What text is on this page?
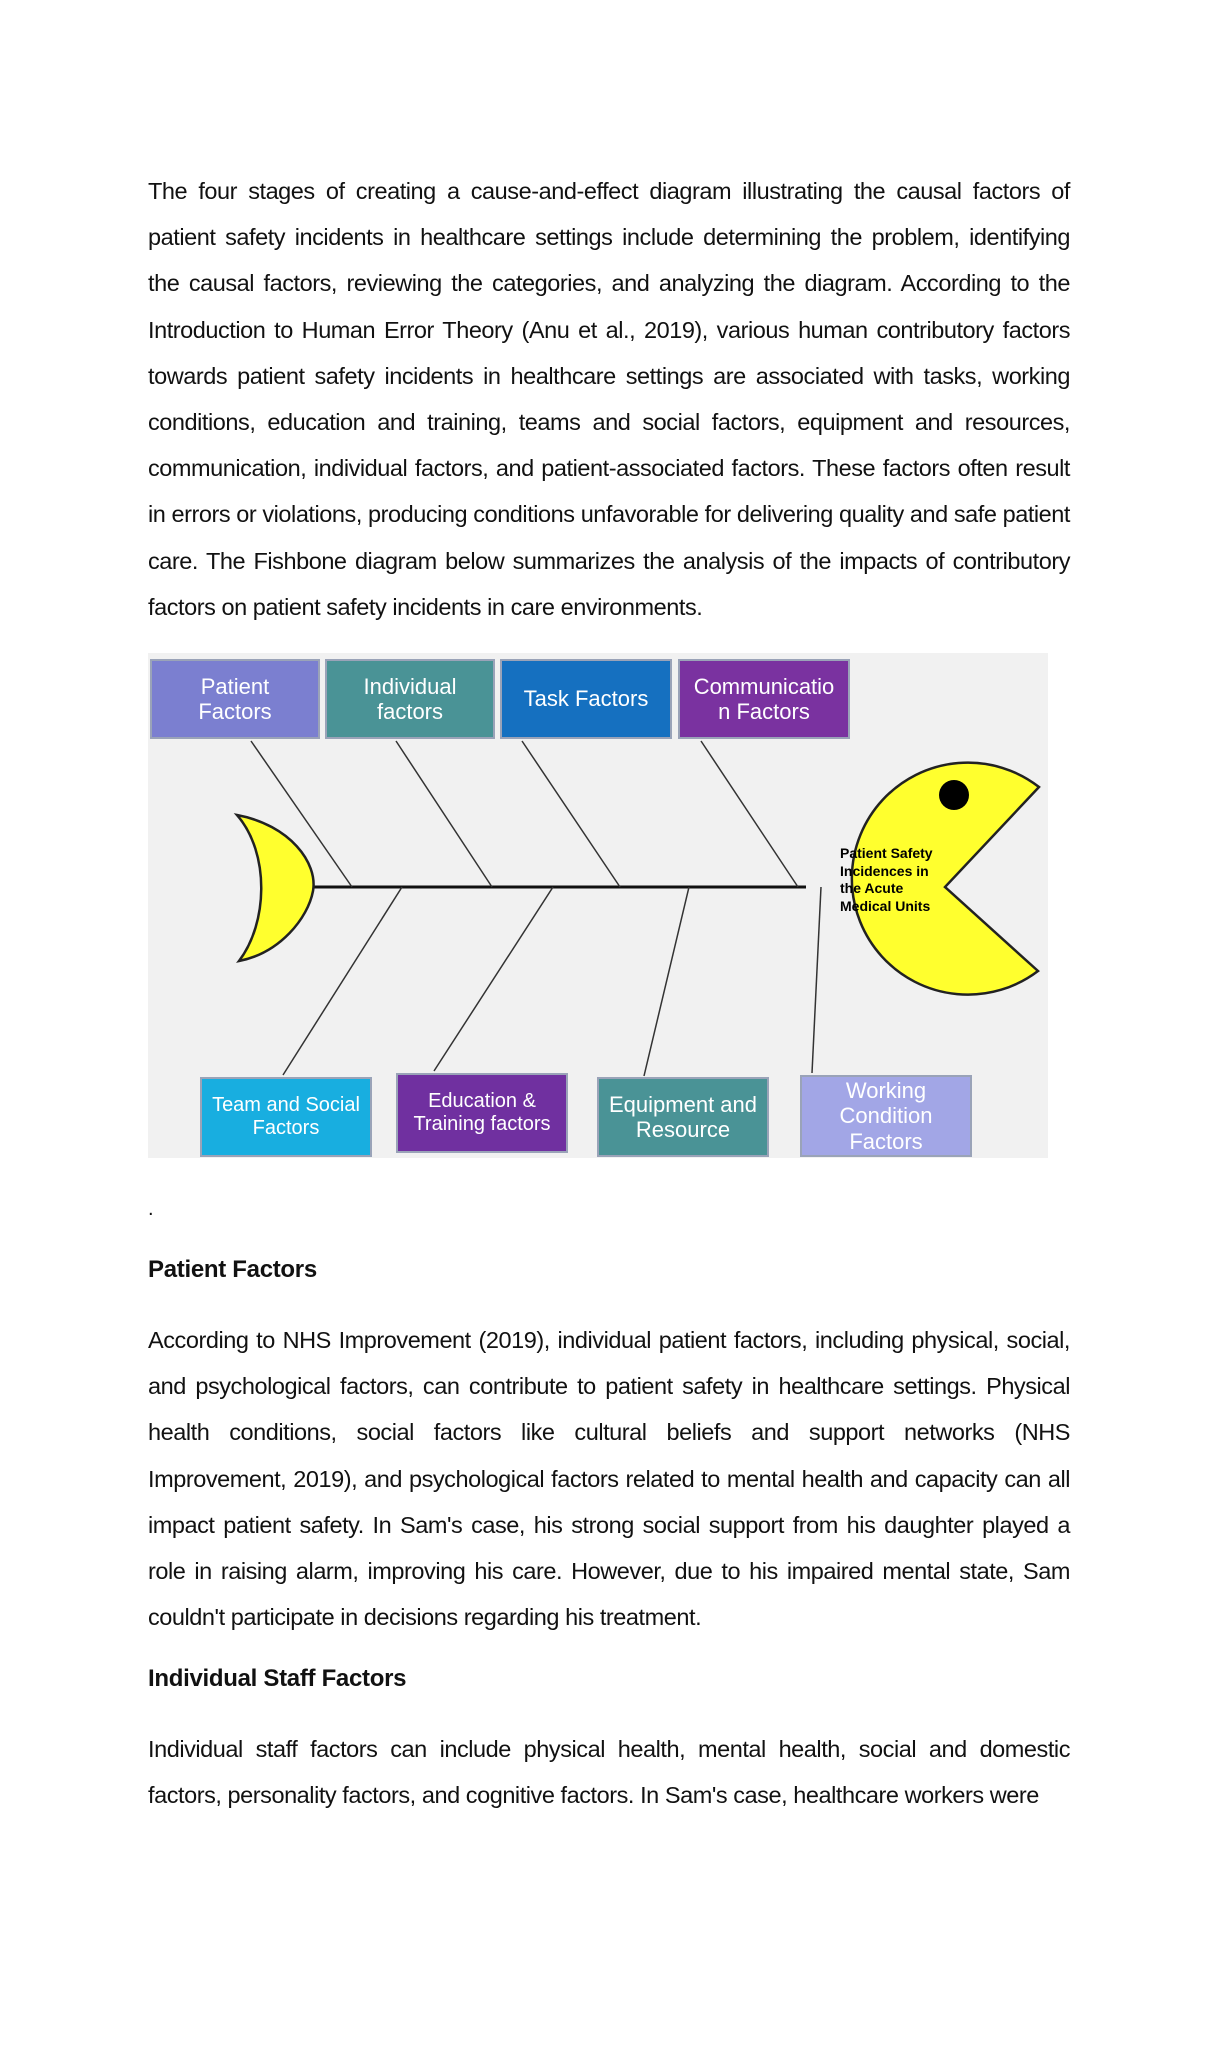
The four stages of creating a cause-and-effect diagram illustrating the causal factors of patient safety incidents in healthcare settings include determining the problem, identifying the causal factors, reviewing the categories, and analyzing the diagram. According to the Introduction to Human Error Theory (Anu et al., 2019), various human contributory factors towards patient safety incidents in healthcare settings are associated with tasks, working conditions, education and training, teams and social factors, equipment and resources, communication, individual factors, and patient-associated factors. These factors often result in errors or violations, producing conditions unfavorable for delivering quality and safe patient care. The Fishbone diagram below summarizes the analysis of the impacts of contributory factors on patient safety incidents in care environments.

Patient Factors
Individual factors
Task Factors
Communication Factors
Team and Social Factors
Education & Training factors
Equipment and Resource
Working Condition Factors
Patient Safety Incidences in the Acute Medical Units
.
Patient Factors

According to NHS Improvement (2019), individual patient factors, including physical, social, and psychological factors, can contribute to patient safety in healthcare settings. Physical health conditions, social factors like cultural beliefs and support networks (NHS Improvement, 2019), and psychological factors related to mental health and capacity can all impact patient safety. In Sam's case, his strong social support from his daughter played a role in raising alarm, improving his care. However, due to his impaired mental state, Sam couldn't participate in decisions regarding his treatment.

Individual Staff Factors

Individual staff factors can include physical health, mental health, social and domestic factors, personality factors, and cognitive factors. In Sam's case, healthcare workers were
